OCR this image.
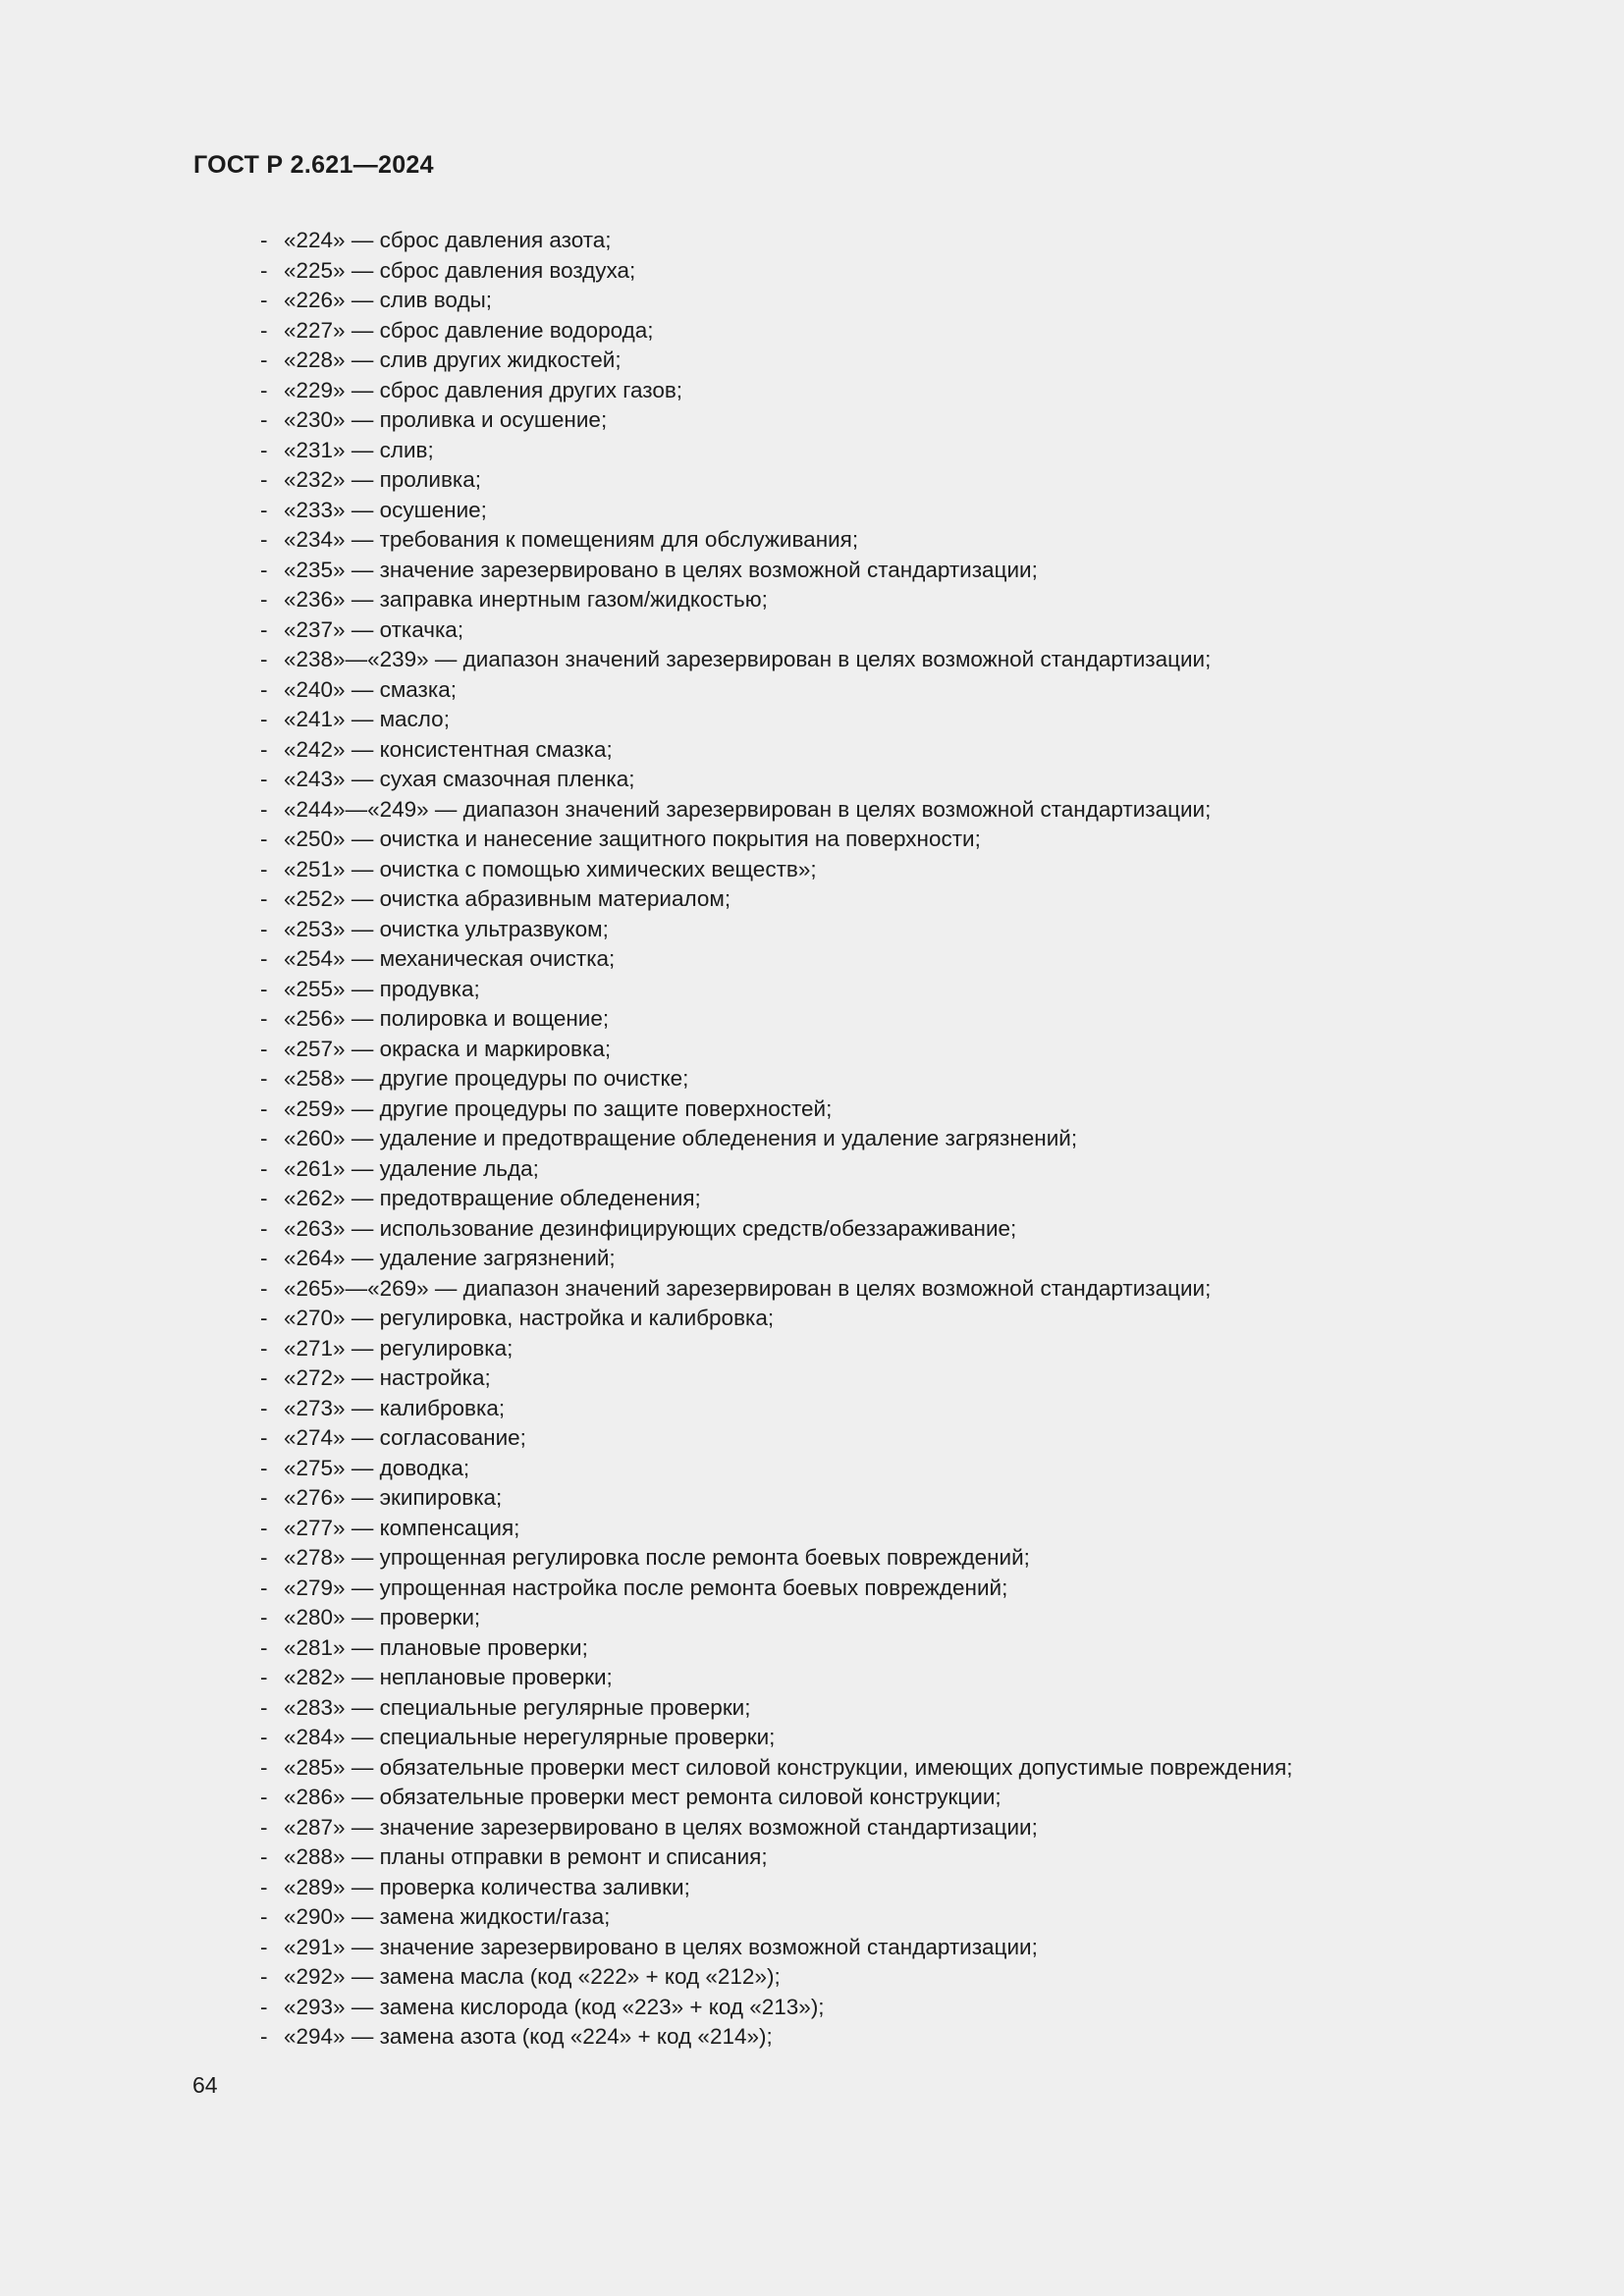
ГОСТ Р 2.621—2024
- «224» — сброс давления азота;
- «225» — сброс давления воздуха;
- «226» — слив воды;
- «227» — сброс давление водорода;
- «228» — слив других жидкостей;
- «229» — сброс давления других газов;
- «230» — проливка и осушение;
- «231» — слив;
- «232» — проливка;
- «233» — осушение;
- «234» — требования к помещениям для обслуживания;
- «235» — значение зарезервировано в целях возможной стандартизации;
- «236» — заправка инертным газом/жидкостью;
- «237» — откачка;
- «238»—«239» — диапазон значений зарезервирован в целях возможной стандартизации;
- «240» — смазка;
- «241» — масло;
- «242» — консистентная смазка;
- «243» — сухая смазочная пленка;
- «244»—«249» — диапазон значений зарезервирован в целях возможной стандартизации;
- «250» — очистка и нанесение защитного покрытия на поверхности;
- «251» — очистка с помощью химических веществ»;
- «252» — очистка абразивным материалом;
- «253» — очистка ультразвуком;
- «254» — механическая очистка;
- «255» — продувка;
- «256» — полировка и вощение;
- «257» — окраска и маркировка;
- «258» — другие процедуры по очистке;
- «259» — другие процедуры по защите поверхностей;
- «260» — удаление и предотвращение обледенения и удаление загрязнений;
- «261» — удаление льда;
- «262» — предотвращение обледенения;
- «263» — использование дезинфицирующих средств/обеззараживание;
- «264» — удаление загрязнений;
- «265»—«269» — диапазон значений зарезервирован в целях возможной стандартизации;
- «270» — регулировка, настройка и калибровка;
- «271» — регулировка;
- «272» — настройка;
- «273» — калибровка;
- «274» — согласование;
- «275» — доводка;
- «276» — экипировка;
- «277» — компенсация;
- «278» — упрощенная регулировка после ремонта боевых повреждений;
- «279» — упрощенная настройка после ремонта боевых повреждений;
- «280» — проверки;
- «281» — плановые проверки;
- «282» — неплановые проверки;
- «283» — специальные регулярные проверки;
- «284» — специальные нерегулярные проверки;
- «285» — обязательные проверки мест силовой конструкции, имеющих допустимые повреждения;
- «286» — обязательные проверки мест ремонта силовой конструкции;
- «287» — значение зарезервировано в целях возможной стандартизации;
- «288» — планы отправки в ремонт и списания;
- «289» — проверка количества заливки;
- «290» — замена жидкости/газа;
- «291» — значение зарезервировано в целях возможной стандартизации;
- «292» — замена масла (код «222» + код «212»);
- «293» — замена кислорода (код «223» + код «213»);
- «294» — замена азота (код «224» + код «214»);
64
